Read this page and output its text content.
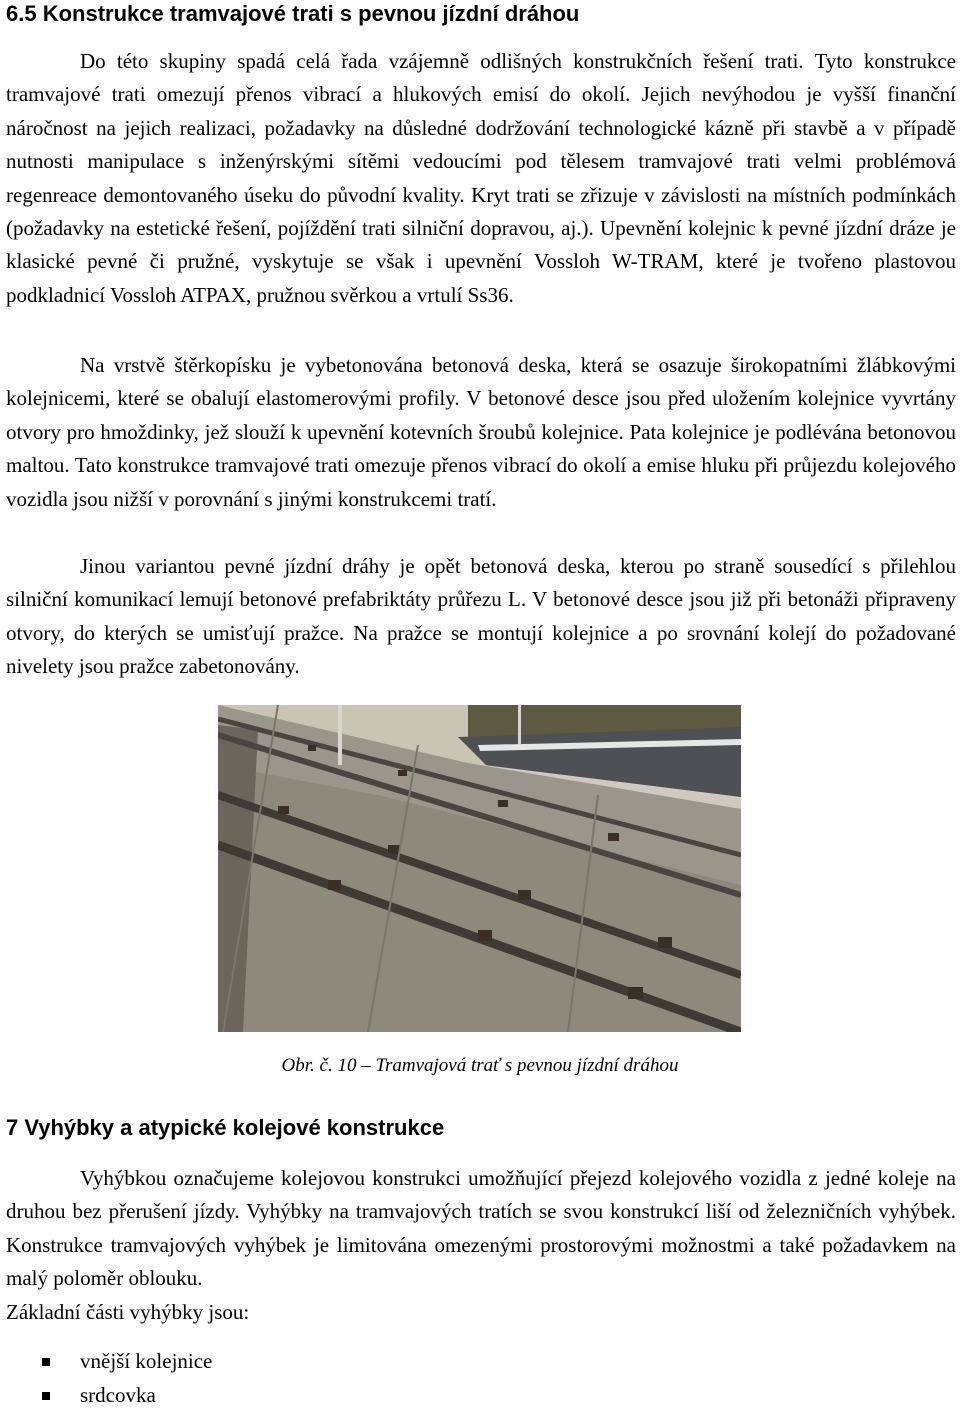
6.5 Konstrukce tramvajové trati s pevnou jízdní dráhou

Do této skupiny spadá celá řada vzájemně odlišných konstrukčních řešení trati. Tyto konstrukce tramvajové trati omezují přenos vibrací a hlukových emisí do okolí. Jejich nevýhodou je vyšší finanční náročnost na jejich realizaci, požadavky na důsledné dodržování technologické kázně při stavbě a v případě nutnosti manipulace s inženýrskými sítěmi vedoucími pod tělesem tramvajové trati velmi problémová regenreace demontovaného úseku do původní kvality. Kryt trati se zřizuje v závislosti na místních podmínkách (požadavky na estetické řešení, pojíždění trati silniční dopravou, aj.). Upevnění kolejnic k pevné jízdní dráze je klasické pevné či pružné, vyskytuje se však i upevnění Vossloh W-TRAM, které je tvořeno plastovou podkladnicí Vossloh ATPAX, pružnou svěrkou a vrtulí Ss36.

Na vrstvě štěrkopísku je vybetonována betonová deska, která se osazuje širokopatními žlábkovými kolejnicemi, které se obalují elastomerovými profily. V betonové desce jsou před uložením kolejnice vyvrtány otvory pro hmoždinky, jež slouží k upevnění kotevních šroubů kolejnice. Pata kolejnice je podlévána betonovou maltou. Tato konstrukce tramvajové trati omezuje přenos vibrací do okolí a emise hluku při průjezdu kolejového vozidla jsou nižší v porovnání s jinými konstrukcemi tratí.

Jinou variantou pevné jízdní dráhy je opět betonová deska, kterou po straně sousedící s přilehlou silniční komunikací lemují betonové prefabriktáty průřezu L. V betonové desce jsou již při betonáži připraveny otvory, do kterých se umisťují pražce. Na pražce se montují kolejnice a po srovnání kolejí do požadované nivelety jsou pražce zabetonovány.

Obr. č. 10 – Tramvajová trať s pevnou jízdní dráhou
7 Vyhýbky a atypické kolejové konstrukce

Vyhýbkou označujeme kolejovou konstrukci umožňující přejezd kolejového vozidla z jedné koleje na druhou bez přerušení jízdy. Vyhýbky na tramvajových tratích se svou konstrukcí liší od železničních vyhýbek. Konstrukce tramvajových vyhýbek je limitována omezenými prostorovými možnostmi a také požadavkem na malý poloměr oblouku.

Základní části vyhýbky jsou:

vnější kolejnice
srdcovka
